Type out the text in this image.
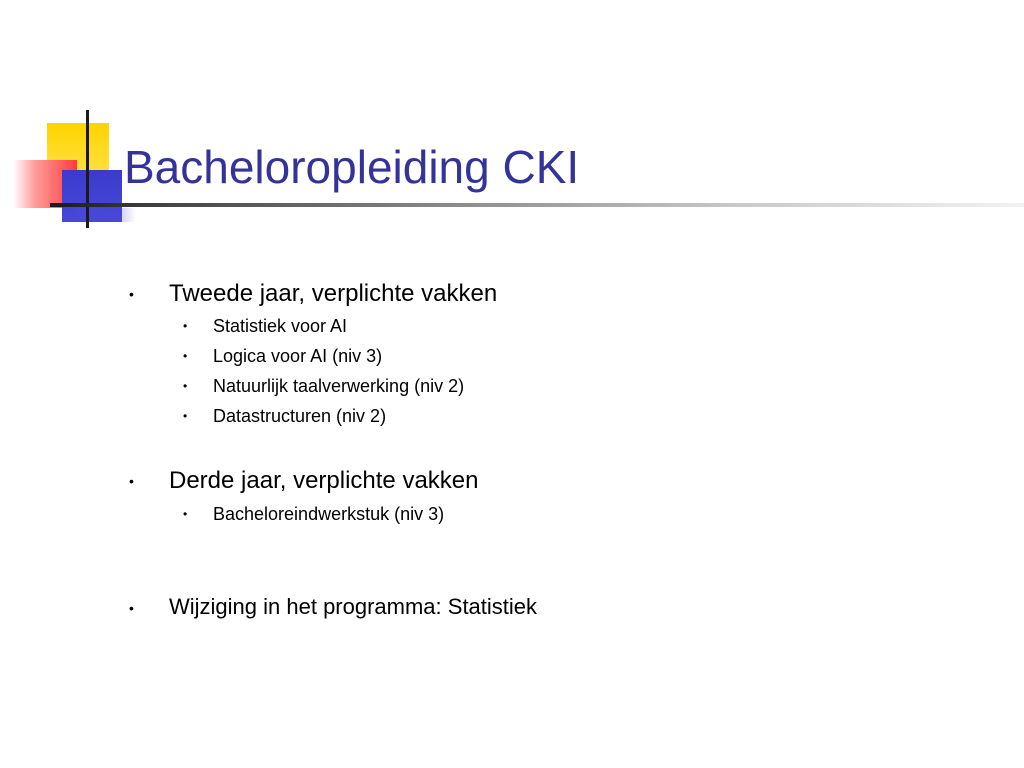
Bacheloropleiding CKI
• Tweede jaar, verplichte vakken
• Statistiek voor AI
• Logica voor AI (niv 3)
• Natuurlijk taalverwerking (niv 2)
• Datastructuren (niv 2)
• Derde jaar, verplichte vakken
• Bacheloreindwerkstuk (niv 3)
• Wijziging in het programma: Statistiek
